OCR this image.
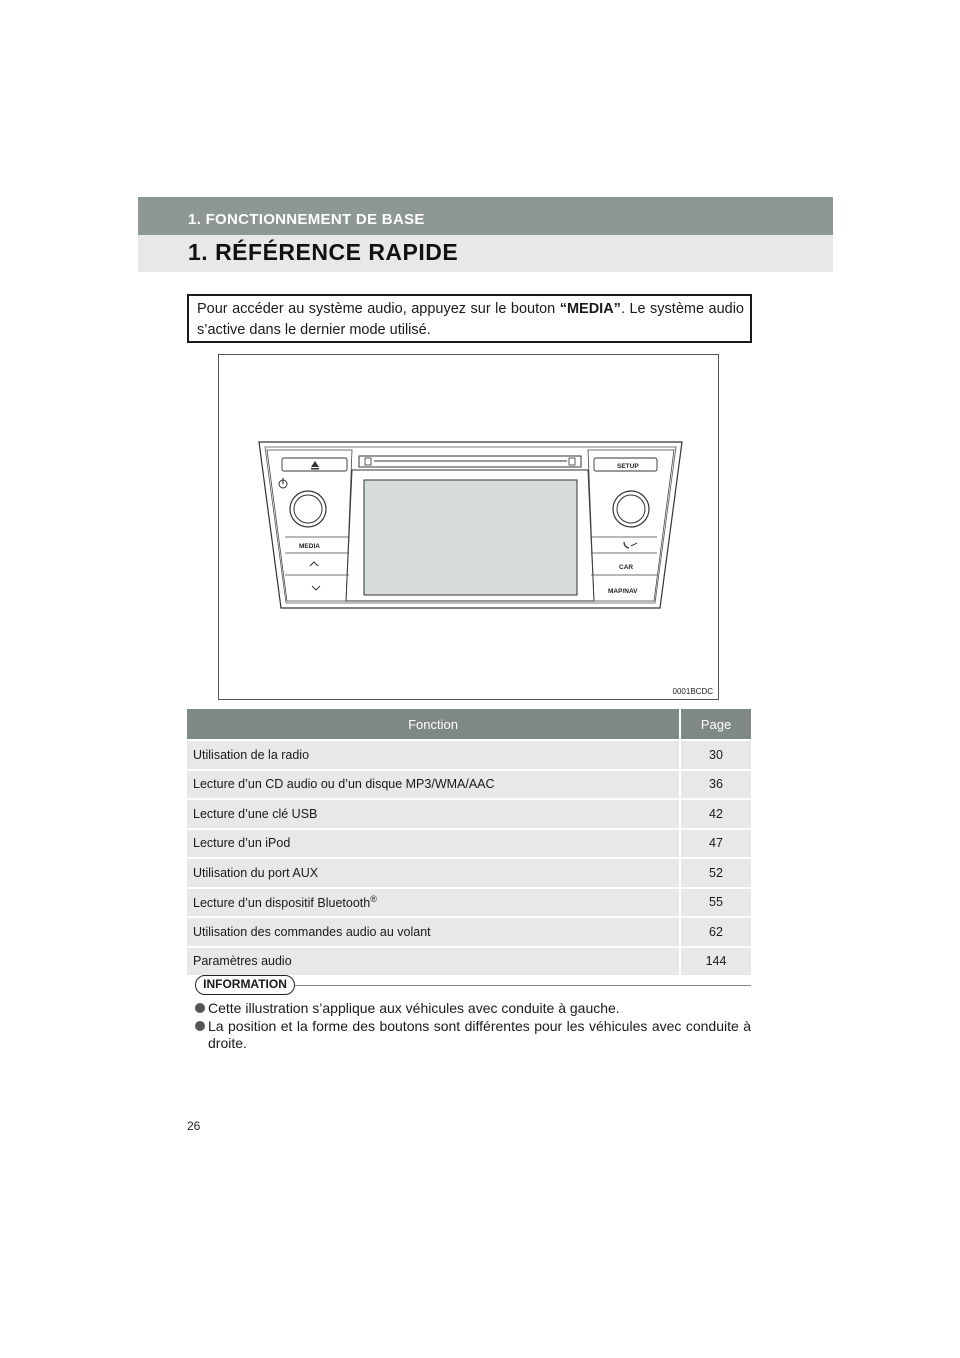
1. FONCTIONNEMENT DE BASE
1. RÉFÉRENCE RAPIDE
Pour accéder au système audio, appuyez sur le bouton “MEDIA”. Le système audio s’active dans le dernier mode utilisé.
MEDIA
SETUP
CAR
MAP/NAV
0001BCDC
Fonction	Page
Utilisation de la radio	30
Lecture d’un CD audio ou d’un disque MP3/WMA/AAC	36
Lecture d’une clé USB	42
Lecture d’un iPod	47
Utilisation du port AUX	52
Lecture d’un dispositif Bluetooth®	55
Utilisation des commandes audio au volant	62
Paramètres audio	144
INFORMATION
Cette illustration s’applique aux véhicules avec conduite à gauche.
La position et la forme des boutons sont différentes pour les véhicules avec conduite à droite.
26
